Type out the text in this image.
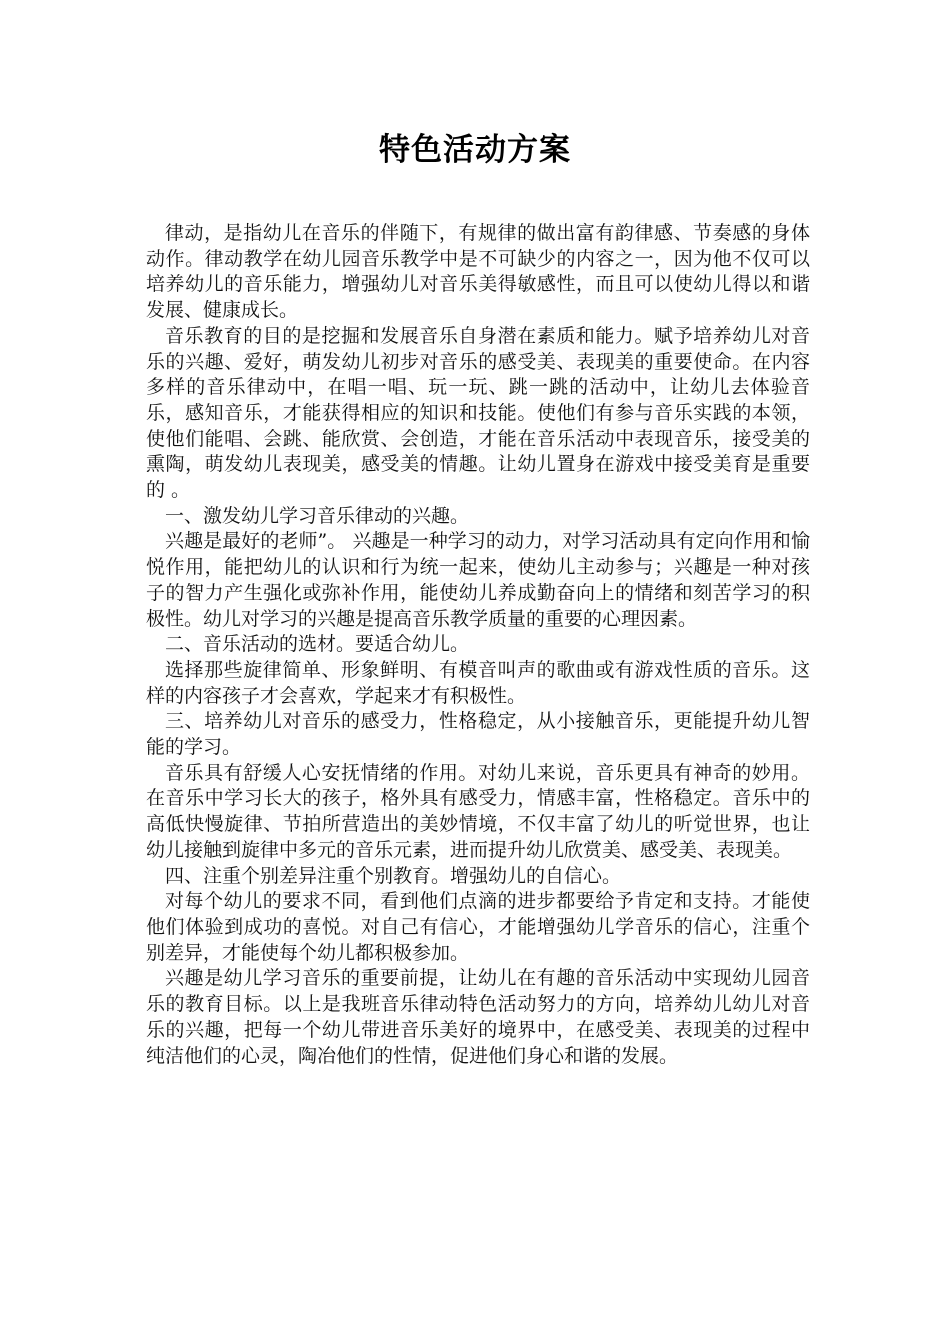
特色活动方案

律动，是指幼儿在音乐的伴随下，有规律的做出富有韵律感、节奏感的身体动作。律动教学在幼儿园音乐教学中是不可缺少的内容之一，因为他不仅可以培养幼儿的音乐能力，增强幼儿对音乐美得敏感性，而且可以使幼儿得以和谐发展、健康成长。

音乐教育的目的是挖掘和发展音乐自身潜在素质和能力。赋予培养幼儿对音乐的兴趣、爱好，萌发幼儿初步对音乐的感受美、表现美的重要使命。在内容多样的音乐律动中，在唱一唱、玩一玩、跳一跳的活动中，让幼儿去体验音乐，感知音乐，才能获得相应的知识和技能。使他们有参与音乐实践的本领，使他们能唱、会跳、能欣赏、会创造，才能在音乐活动中表现音乐，接受美的熏陶，萌发幼儿表现美，感受美的情趣。让幼儿置身在游戏中接受美育是重要的 。

一、激发幼儿学习音乐律动的兴趣。

兴趣是最好的老师”。 兴趣是一种学习的动力，对学习活动具有定向作用和愉悦作用，能把幼儿的认识和行为统一起来，使幼儿主动参与；兴趣是一种对孩子的智力产生强化或弥补作用，能使幼儿养成勤奋向上的情绪和刻苦学习的积极性。幼儿对学习的兴趣是提高音乐教学质量的重要的心理因素。

二、音乐活动的选材。要适合幼儿。

选择那些旋律简单、形象鲜明、有模音叫声的歌曲或有游戏性质的音乐。这样的内容孩子才会喜欢，学起来才有积极性。

三、培养幼儿对音乐的感受力，性格稳定，从小接触音乐，更能提升幼儿智能的学习。

音乐具有舒缓人心安抚情绪的作用。对幼儿来说，音乐更具有神奇的妙用。在音乐中学习长大的孩子，格外具有感受力，情感丰富，性格稳定。音乐中的高低快慢旋律、节拍所营造出的美妙情境，不仅丰富了幼儿的听觉世界，也让幼儿接触到旋律中多元的音乐元素，进而提升幼儿欣赏美、感受美、表现美。

四、注重个别差异注重个别教育。增强幼儿的自信心。

对每个幼儿的要求不同，看到他们点滴的进步都要给予肯定和支持。才能使他们体验到成功的喜悦。对自己有信心，才能增强幼儿学音乐的信心，注重个别差异，才能使每个幼儿都积极参加。

兴趣是幼儿学习音乐的重要前提，让幼儿在有趣的音乐活动中实现幼儿园音乐的教育目标。以上是我班音乐律动特色活动努力的方向，培养幼儿幼儿对音乐的兴趣，把每一个幼儿带进音乐美好的境界中，在感受美、表现美的过程中纯洁他们的心灵，陶冶他们的性情，促进他们身心和谐的发展。
